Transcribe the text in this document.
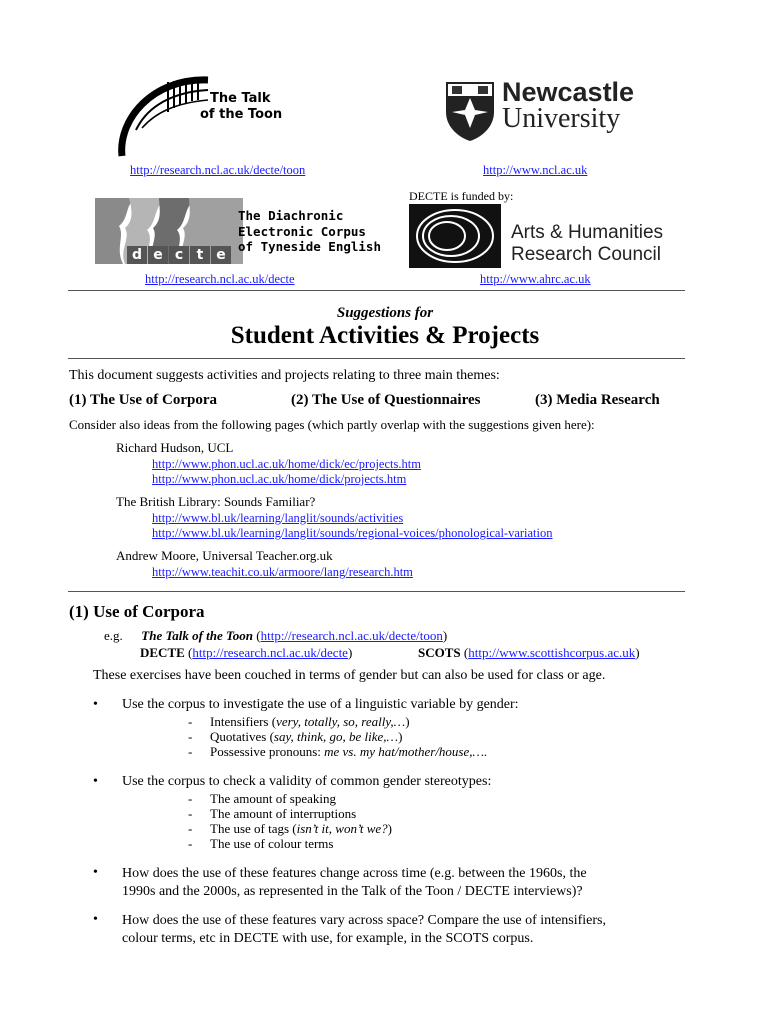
The Talk
of the Toon
Newcastle
University
http://research.ncl.ac.uk/decte/toon	http://www.ncl.ac.uk
d e c t e
The Diachronic
Electronic Corpus
of Tyneside English
DECTE is funded by:
Arts & Humanities
Research Council
http://research.ncl.ac.uk/decte	http://www.ahrc.ac.uk
Suggestions for
Student Activities & Projects
This document suggests activities and projects relating to three main themes:
(1) The Use of Corpora	(2) The Use of Questionnaires	(3) Media Research
Consider also ideas from the following pages (which partly overlap with the suggestions given here):
Richard Hudson, UCL
http://www.phon.ucl.ac.uk/home/dick/ec/projects.htm
http://www.phon.ucl.ac.uk/home/dick/projects.htm
The British Library: Sounds Familiar?
http://www.bl.uk/learning/langlit/sounds/activities
http://www.bl.uk/learning/langlit/sounds/regional-voices/phonological-variation
Andrew Moore, Universal Teacher.org.uk
http://www.teachit.co.uk/armoore/lang/research.htm
(1) Use of Corpora
e.g. The Talk of the Toon (http://research.ncl.ac.uk/decte/toon)
DECTE (http://research.ncl.ac.uk/decte)	SCOTS (http://www.scottishcorpus.ac.uk)
These exercises have been couched in terms of gender but can also be used for class or age.
• Use the corpus to investigate the use of a linguistic variable by gender:
- Intensifiers (very, totally, so, really,…)
- Quotatives (say, think, go, be like,…)
- Possessive pronouns: me vs. my hat/mother/house,….
• Use the corpus to check a validity of common gender stereotypes:
- The amount of speaking
- The amount of interruptions
- The use of tags (isn’t it, won’t we?)
- The use of colour terms
• How does the use of these features change across time (e.g. between the 1960s, the
1990s and the 2000s, as represented in the Talk of the Toon / DECTE interviews)?
• How does the use of these features vary across space? Compare the use of intensifiers,
colour terms, etc in DECTE with use, for example, in the SCOTS corpus.
